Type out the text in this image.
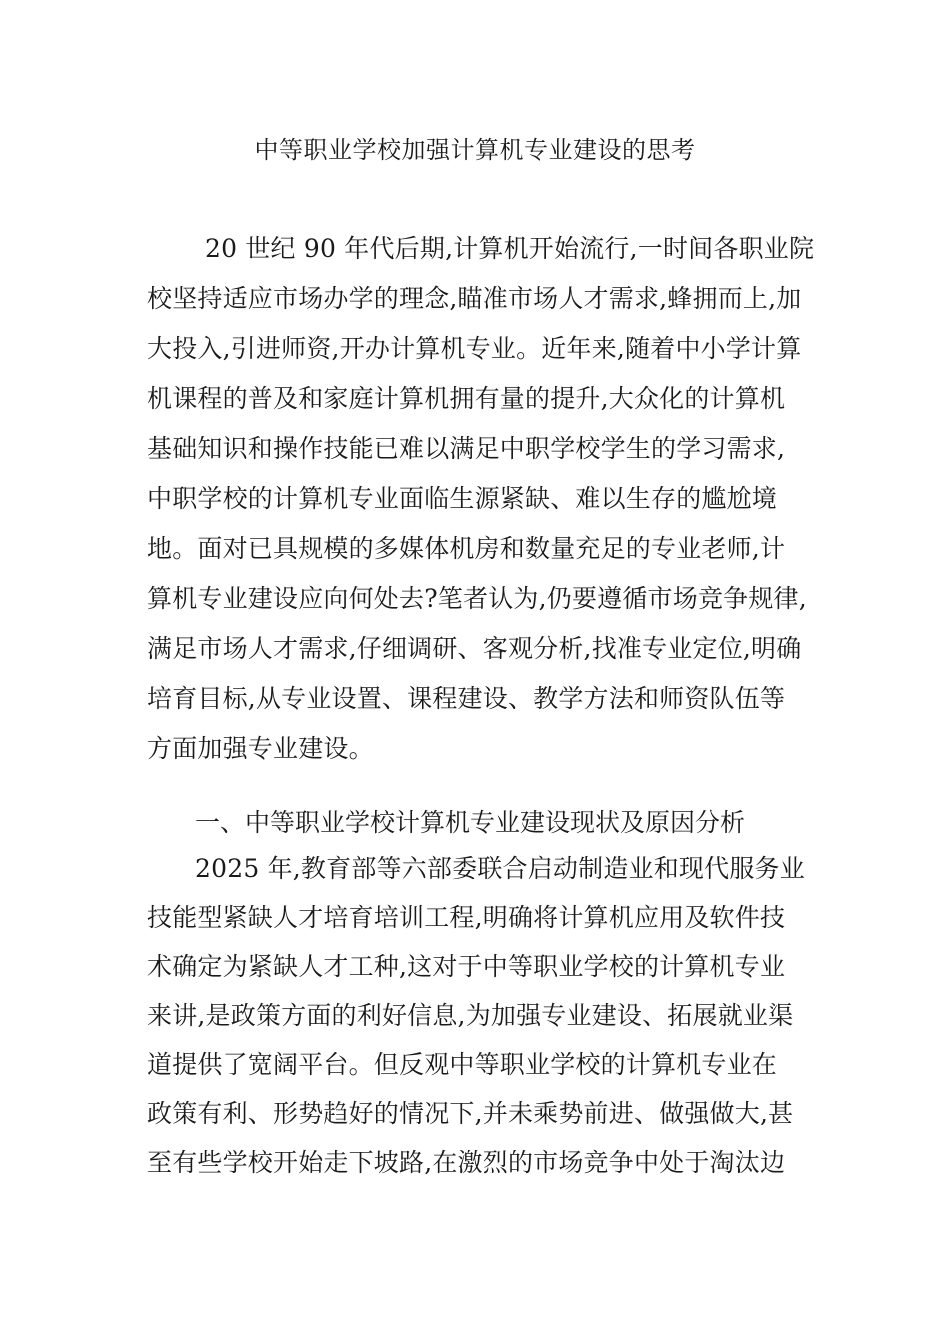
中等职业学校加强计算机专业建设的思考
20 世纪 90 年代后期,计算机开始流行,一时间各职业院
校坚持适应市场办学的理念,瞄准市场人才需求,蜂拥而上,加
大投入,引进师资,开办计算机专业。近年来,随着中小学计算
机课程的普及和家庭计算机拥有量的提升,大众化的计算机
基础知识和操作技能已难以满足中职学校学生的学习需求,
中职学校的计算机专业面临生源紧缺、难以生存的尴尬境
地。面对已具规模的多媒体机房和数量充足的专业老师,计
算机专业建设应向何处去?笔者认为,仍要遵循市场竞争规律,
满足市场人才需求,仔细调研、客观分析,找准专业定位,明确
培育目标,从专业设置、课程建设、教学方法和师资队伍等
方面加强专业建设。
一、中等职业学校计算机专业建设现状及原因分析
2025 年,教育部等六部委联合启动制造业和现代服务业
技能型紧缺人才培育培训工程,明确将计算机应用及软件技
术确定为紧缺人才工种,这对于中等职业学校的计算机专业
来讲,是政策方面的利好信息,为加强专业建设、拓展就业渠
道提供了宽阔平台。但反观中等职业学校的计算机专业在
政策有利、形势趋好的情况下,并未乘势前进、做强做大,甚
至有些学校开始走下坡路,在激烈的市场竞争中处于淘汰边
